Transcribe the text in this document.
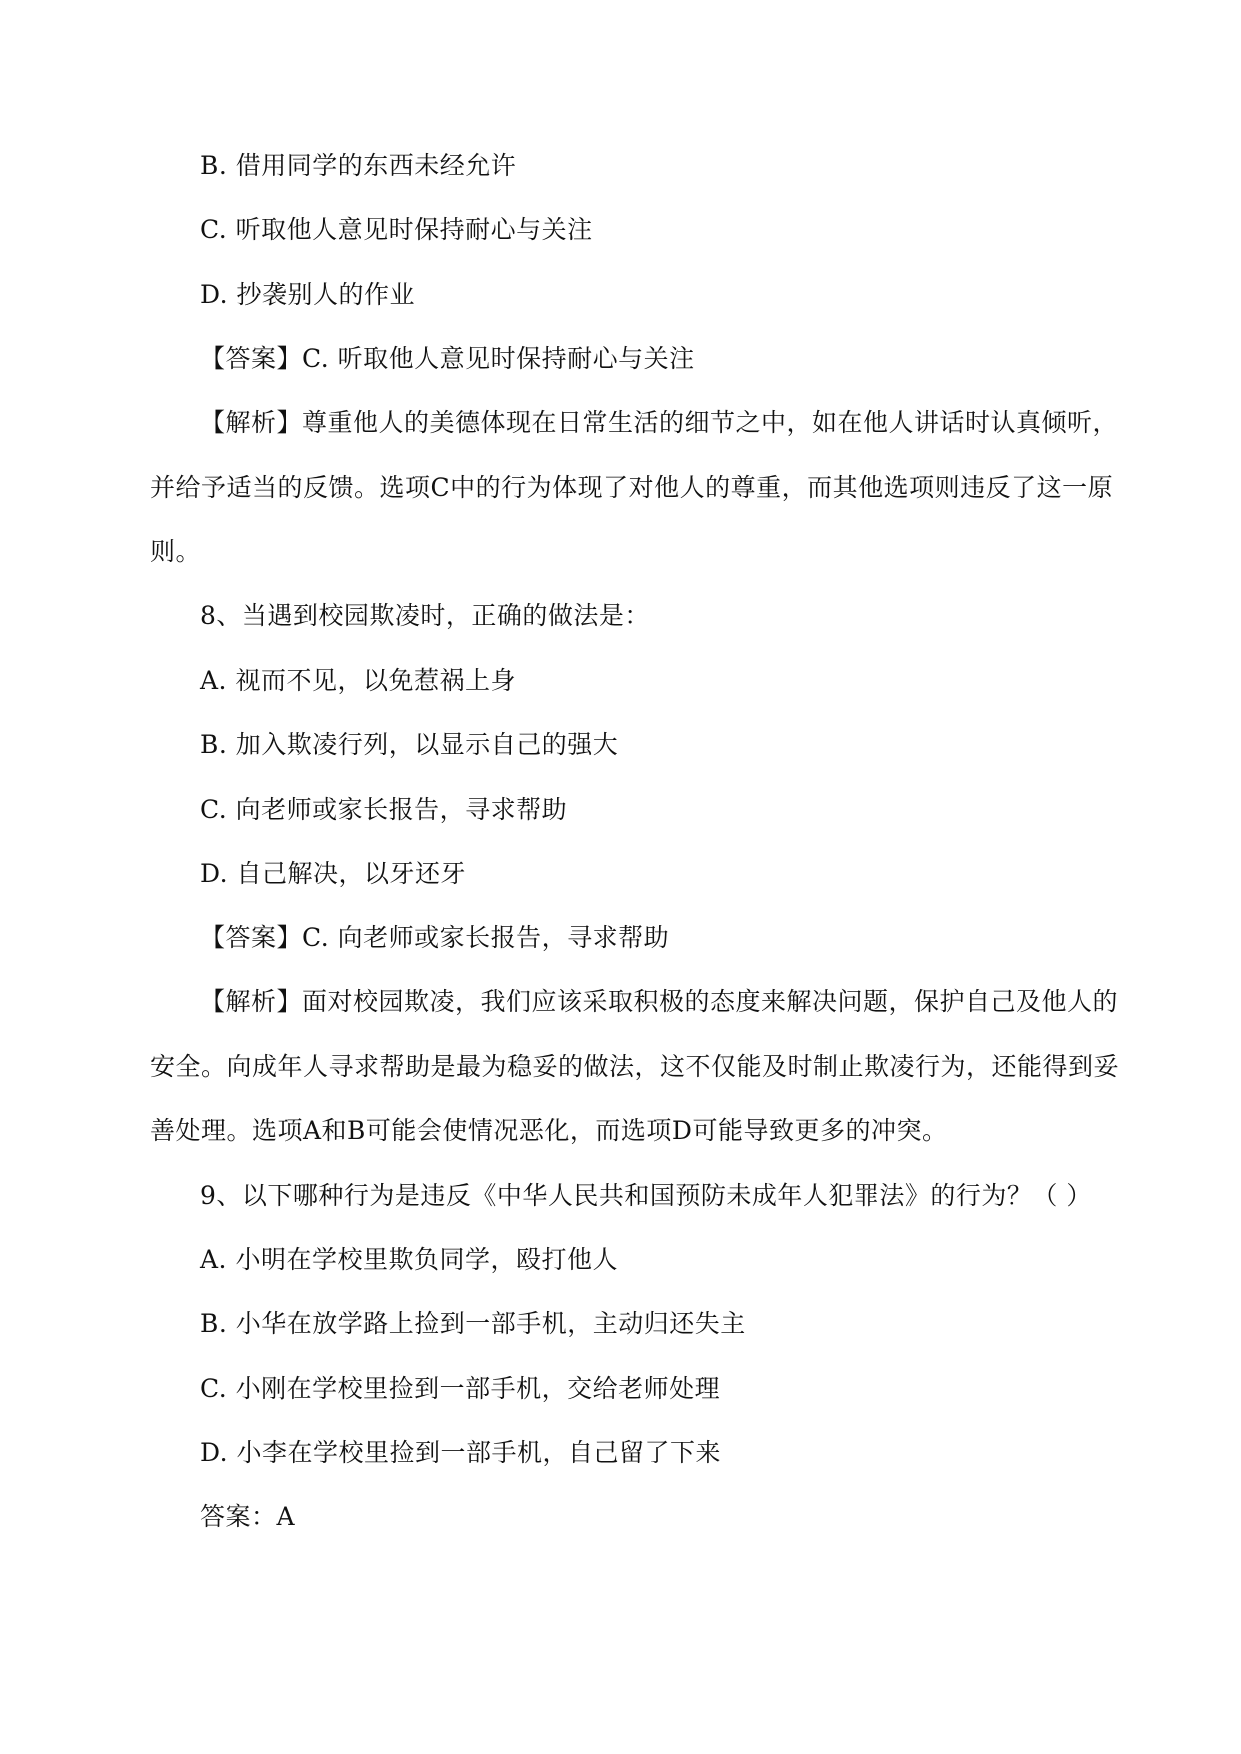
B. 借用同学的东西未经允许
C. 听取他人意见时保持耐心与关注
D. 抄袭别人的作业
【答案】C. 听取他人意见时保持耐心与关注
【解析】尊重他人的美德体现在日常生活的细节之中，如在他人讲话时认真倾听，
并给予适当的反馈。选项C中的行为体现了对他人的尊重，而其他选项则违反了这一原
则。
8、当遇到校园欺凌时，正确的做法是：
A. 视而不见，以免惹祸上身
B. 加入欺凌行列，以显示自己的强大
C. 向老师或家长报告，寻求帮助
D. 自己解决，以牙还牙
【答案】C. 向老师或家长报告，寻求帮助
【解析】面对校园欺凌，我们应该采取积极的态度来解决问题，保护自己及他人的
安全。向成年人寻求帮助是最为稳妥的做法，这不仅能及时制止欺凌行为，还能得到妥
善处理。选项A和B可能会使情况恶化，而选项D可能导致更多的冲突。
9、以下哪种行为是违反《中华人民共和国预防未成年人犯罪法》的行为？（ ）
A. 小明在学校里欺负同学，殴打他人
B. 小华在放学路上捡到一部手机，主动归还失主
C. 小刚在学校里捡到一部手机，交给老师处理
D. 小李在学校里捡到一部手机，自己留了下来
答案：A
